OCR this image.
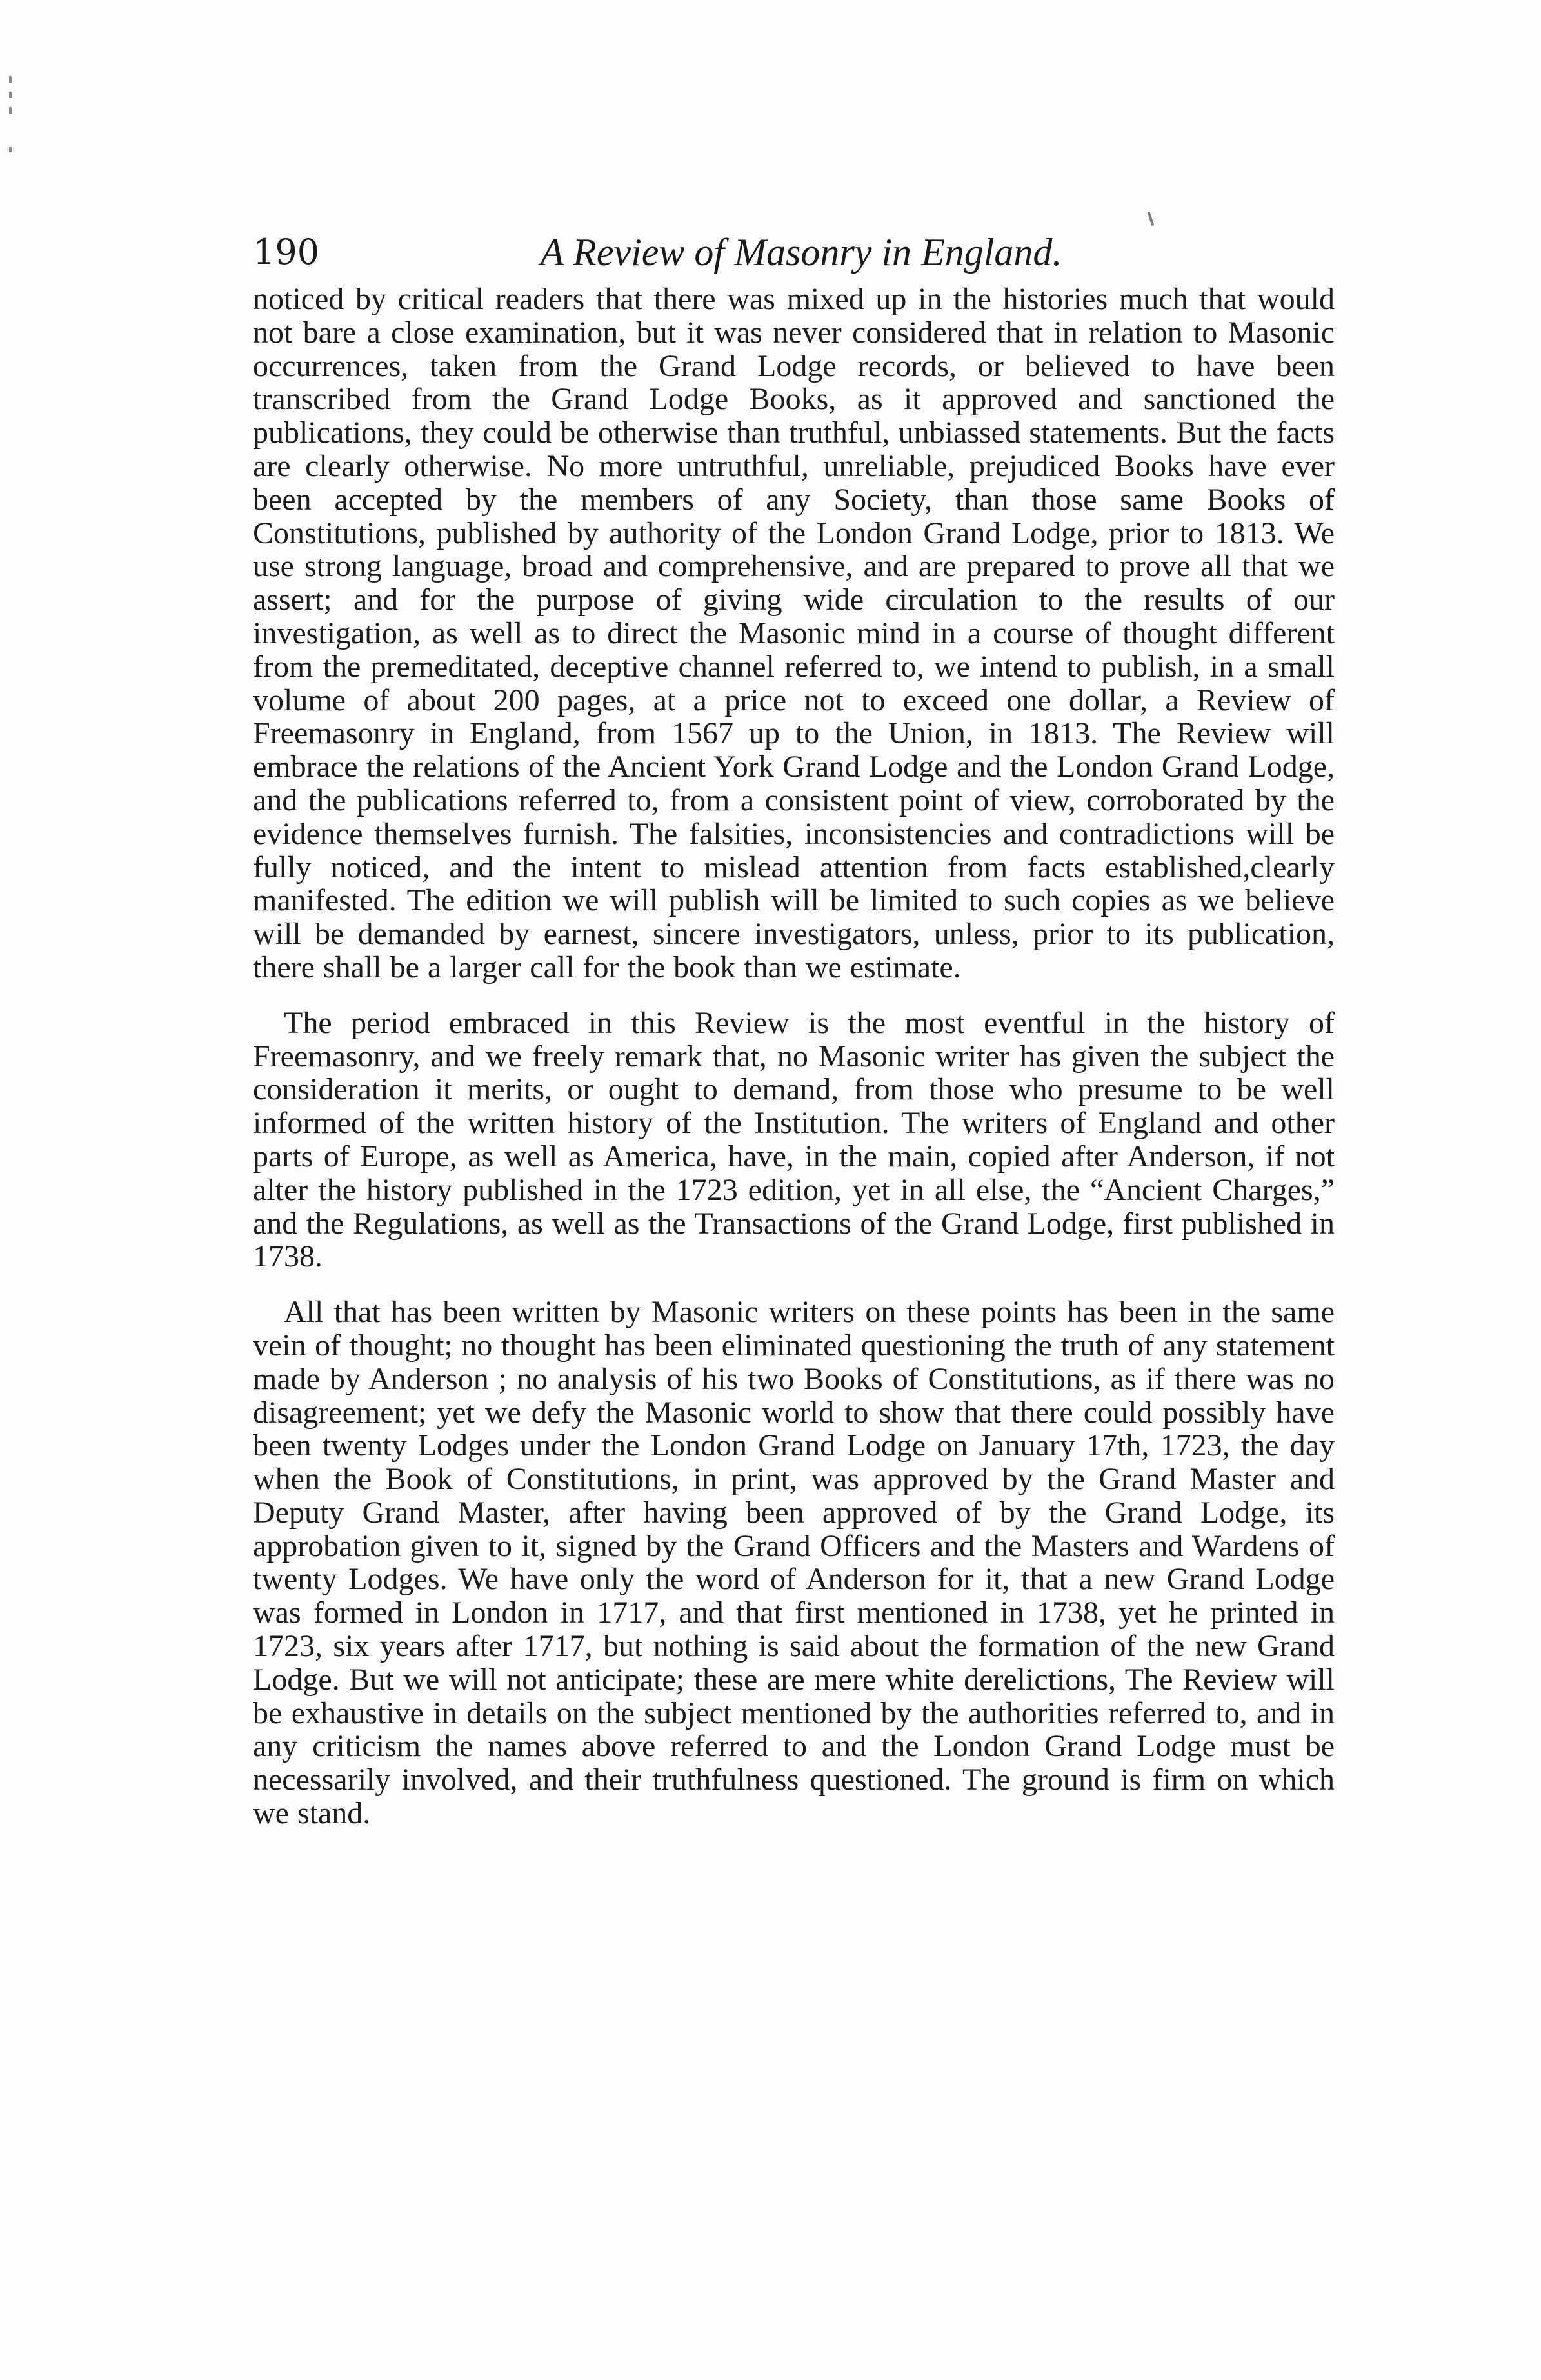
190	A Review of Masonry in England.

noticed by critical readers that there was mixed up in the histories much that would not bare a close examination, but it was never considered that in relation to Masonic occurrences, taken from the Grand Lodge records, or believed to have been transcribed from the Grand Lodge Books, as it approved and sanctioned the publications, they could be otherwise than truthful, unbiassed statements. But the facts are clearly otherwise. No more untruthful, unreliable, prejudiced Books have ever been accepted by the members of any Society, than those same Books of Constitutions, published by authority of the London Grand Lodge, prior to 1813. We use strong language, broad and comprehensive, and are prepared to prove all that we assert; and for the purpose of giving wide circulation to the results of our investigation, as well as to direct the Masonic mind in a course of thought different from the premeditated, deceptive channel referred to, we intend to publish, in a small volume of about 200 pages, at a price not to exceed one dollar, a Review of Freemasonry in England, from 1567 up to the Union, in 1813. The Review will embrace the relations of the Ancient York Grand Lodge and the London Grand Lodge, and the publications referred to, from a consistent point of view, corroborated by the evidence themselves furnish. The falsities, inconsistencies and contradictions will be fully noticed, and the intent to mislead attention from facts established,clearly manifested. The edition we will publish will be limited to such copies as we believe will be demanded by earnest, sincere investigators, unless, prior to its publication, there shall be a larger call for the book than we estimate.

The period embraced in this Review is the most eventful in the history of Freemasonry, and we freely remark that, no Masonic writer has given the subject the consideration it merits, or ought to demand, from those who presume to be well informed of the written history of the Institution. The writers of England and other parts of Europe, as well as America, have, in the main, copied after Anderson, if not alter the history published in the 1723 edition, yet in all else, the “Ancient Charges,” and the Regulations, as well as the Transactions of the Grand Lodge, first published in 1738.

All that has been written by Masonic writers on these points has been in the same vein of thought; no thought has been eliminated questioning the truth of any statement made by Anderson ; no analysis of his two Books of Constitutions, as if there was no disagreement; yet we defy the Masonic world to show that there could possibly have been twenty Lodges under the London Grand Lodge on January 17th, 1723, the day when the Book of Constitutions, in print, was approved by the Grand Master and Deputy Grand Master, after having been approved of by the Grand Lodge, its approbation given to it, signed by the Grand Officers and the Masters and Wardens of twenty Lodges. We have only the word of Anderson for it, that a new Grand Lodge was formed in London in 1717, and that first mentioned in 1738, yet he printed in 1723, six years after 1717, but nothing is said about the formation of the new Grand Lodge. But we will not anticipate; these are mere white derelictions, The Review will be exhaustive in details on the subject mentioned by the authorities referred to, and in any criticism the names above referred to and the London Grand Lodge must be necessarily involved, and their truthfulness questioned. The ground is firm on which we stand.
